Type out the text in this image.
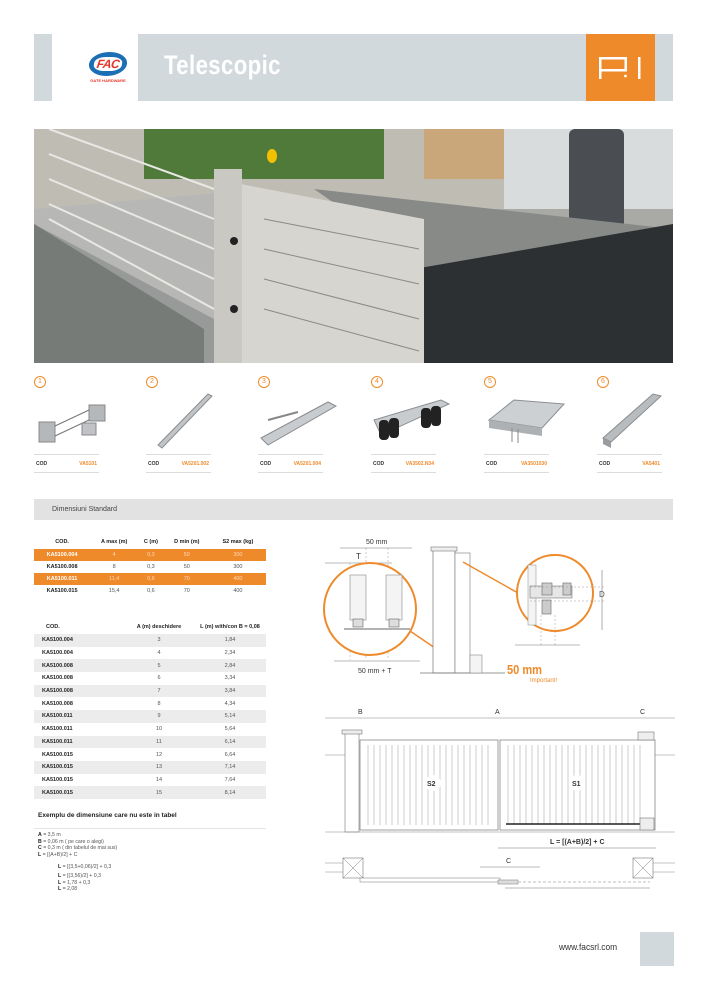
FAC
GATE HARDWARE
Telescopic
1
COD	VA5101
2
COD	VA5201.002
3
COD	VA5201.004
4
COD	VA3502.N34
5
COD	VA3501030
6
COD	VA5401
Dimensiuni Standard
COD.	A max (m)	C (m)	D min (m)	S2 max (kg)
KA5100.004	4	0,3	50	300
KA5100.008	8	0,3	50	300
KA5100.011	11,4	0,6	70	400
KA5100.015	15,4	0,6	70	400
COD.	A (m) deschidere	L (m) with/con B = 0,08
KA5100.004	3	1,84
KA5100.004	4	2,34
KA5100.008	5	2,84
KA5100.008	6	3,34
KA5100.008	7	3,84
KA5100.008	8	4,34
KA5100.011	9	5,14
KA5100.011	10	5,64
KA5100.011	11	6,14
KA5100.015	12	6,64
KA5100.015	13	7,14
KA5100.015	14	7,64
KA5100.015	15	8,14
Exemplu de dimensiune care nu este in tabel
A = 3,5 m
B = 0,06 m ( pe care o alegi)
C = 0,3 m ( din tabelul de mai sus)
L = [(A+B)/2] + C
L = [(3,5+0,06)/2] + 0,3
L = [(3,56)/2] + 0,3
L = 1,78 + 0,3
L = 2,08
50 mm
T
50 mm + T
D
50 mm
Important!
B	A	C
S2	S1
L = [(A+B)/2] + C
C
www.facsrl.com
